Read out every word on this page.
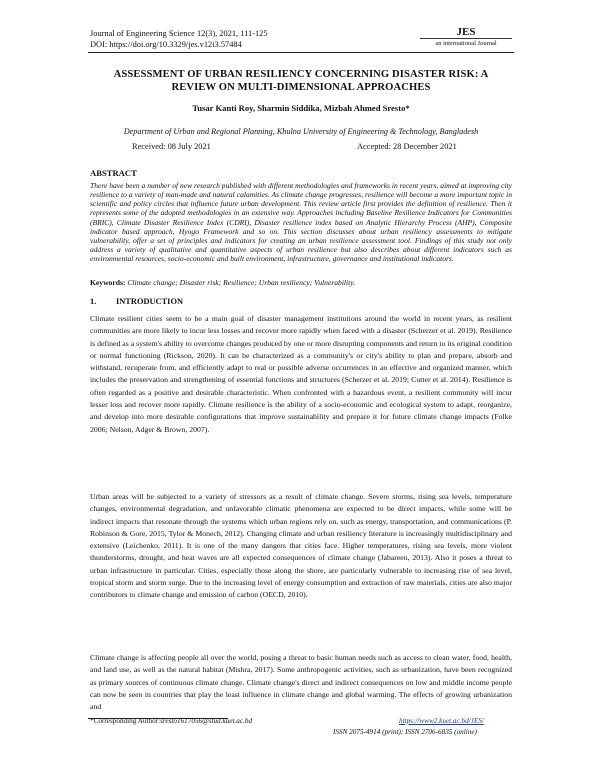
Journal of Engineering Science 12(3), 2021, 111-125
DOI: https://doi.org/10.3329/jes.v12i3.57484
JES
an international Journal
ASSESSMENT OF URBAN RESILIENCY CONCERNING DISASTER RISK: A
REVIEW ON MULTI-DIMENSIONAL APPROACHES
Tusar Kanti Roy, Sharmin Siddika, Mizbah Ahmed Sresto*
Department of Urban and Regional Planning, Khulna University of Engineering & Technology, Bangladesh
Received: 08 July 2021	Accepted: 28 December 2021
ABSTRACT
There have been a number of new research published with different methodologies and frameworks in recent years, aimed at improving city resilience to a variety of man-made and natural calamities. As climate change progresses, resilience will become a more important topic in scientific and policy circles that influence future urban development. This review article first provides the definition of resilience. Then it represents some of the adopted methodologies in an extensive way. Approaches including Baseline Resilience Indicators for Communities (BRIC), Climate Disaster Resilience Index (CDRI), Disaster resilience index based on Analytic Hierarchy Process (AHP), Composite indicator based approach, Hyogo Framework and so on. This section discusses about urban resiliency assessments to mitigate vulnerability, offer a set of principles and indicators for creating an urban resilience assessment tool. Findings of this study not only address a variety of qualitative and quantitative aspects of urban resilience but also describes about different indicators such as environmental resources, socio-economic and built environment, infrastructure, governance and institutional indicators.
Keywords: Climate change; Disaster risk; Resilience; Urban resiliency; Vulnerability.
1. INTRODUCTION
Climate resilient cities seem to be a main goal of disaster management institutions around the world in recent years, as resilient communities are more likely to incur less losses and recover more rapidly when faced with a disaster (Scherzer et al. 2019). Resilience is defined as a system's ability to overcome changes produced by one or more disrupting components and return to its original condition or normal functioning (Rickson, 2020). It can be characterized as a community's or city's ability to plan and prepare, absorb and withstand, recuperate from, and efficiently adapt to real or possible adverse occurrences in an effective and organized manner, which includes the preservation and strengthening of essential functions and structures (Scherzer et al. 2019; Cutter et al. 2014). Resilience is often regarded as a positive and desirable characteristic. When confronted with a hazardous event, a resilient community will incur lesser loss and recover more rapidly. Climate resilience is the ability of a socio-economic and ecological system to adapt, reorganize, and develop into more desirable configurations that improve sustainability and prepare it for future climate change impacts (Folke 2006; Nelson, Adger & Brown, 2007).
Urban areas will be subjected to a variety of stressors as a result of climate change. Severe storms, rising sea levels, temperature changes, environmental degradation, and unfavorable climatic phenomena are expected to be direct impacts, while some will be indirect impacts that resonate through the systems which urban regions rely on, such as energy, transportation, and communications (P. Robinson & Gore, 2015, Tylor & Monech, 2012). Changing climate and urban resiliency literature is increasingly multidisciplinary and extensive (Leichenko, 2011). It is one of the many dangers that cities face. Higher temperatures, rising sea levels, more violent thunderstorms, drought, and heat waves are all expected consequences of climate change (Jabareen, 2013). Also it poses a threat to urban infrastructure in particular. Cities, especially those along the shore, are particularly vulnerable to increasing rise of sea level, tropical storm and storm surge. Due to the increasing level of energy consumption and extraction of raw materials, cities are also major contributors to climate change and emission of carbon (OECD, 2010).
Climate change is affecting people all over the world, posing a threat to basic human needs such as access to clean water, food, health, and land use, as well as the natural habitat (Mishra, 2017). Some anthropogenic activities, such as urbanization, have been recognized as primary sources of continuous climate change. Climate change's direct and indirect consequences on low and middle income people can now be seen in countries that play the least influence in climate change and global warming. The effects of growing urbanization and
*Corresponding Author:sresto1617056@stud.kuet.ac.bd	https://www2.kuet.ac.bd/JES/
ISSN 2075-4914 (print); ISSN 2706-6835 (online)
